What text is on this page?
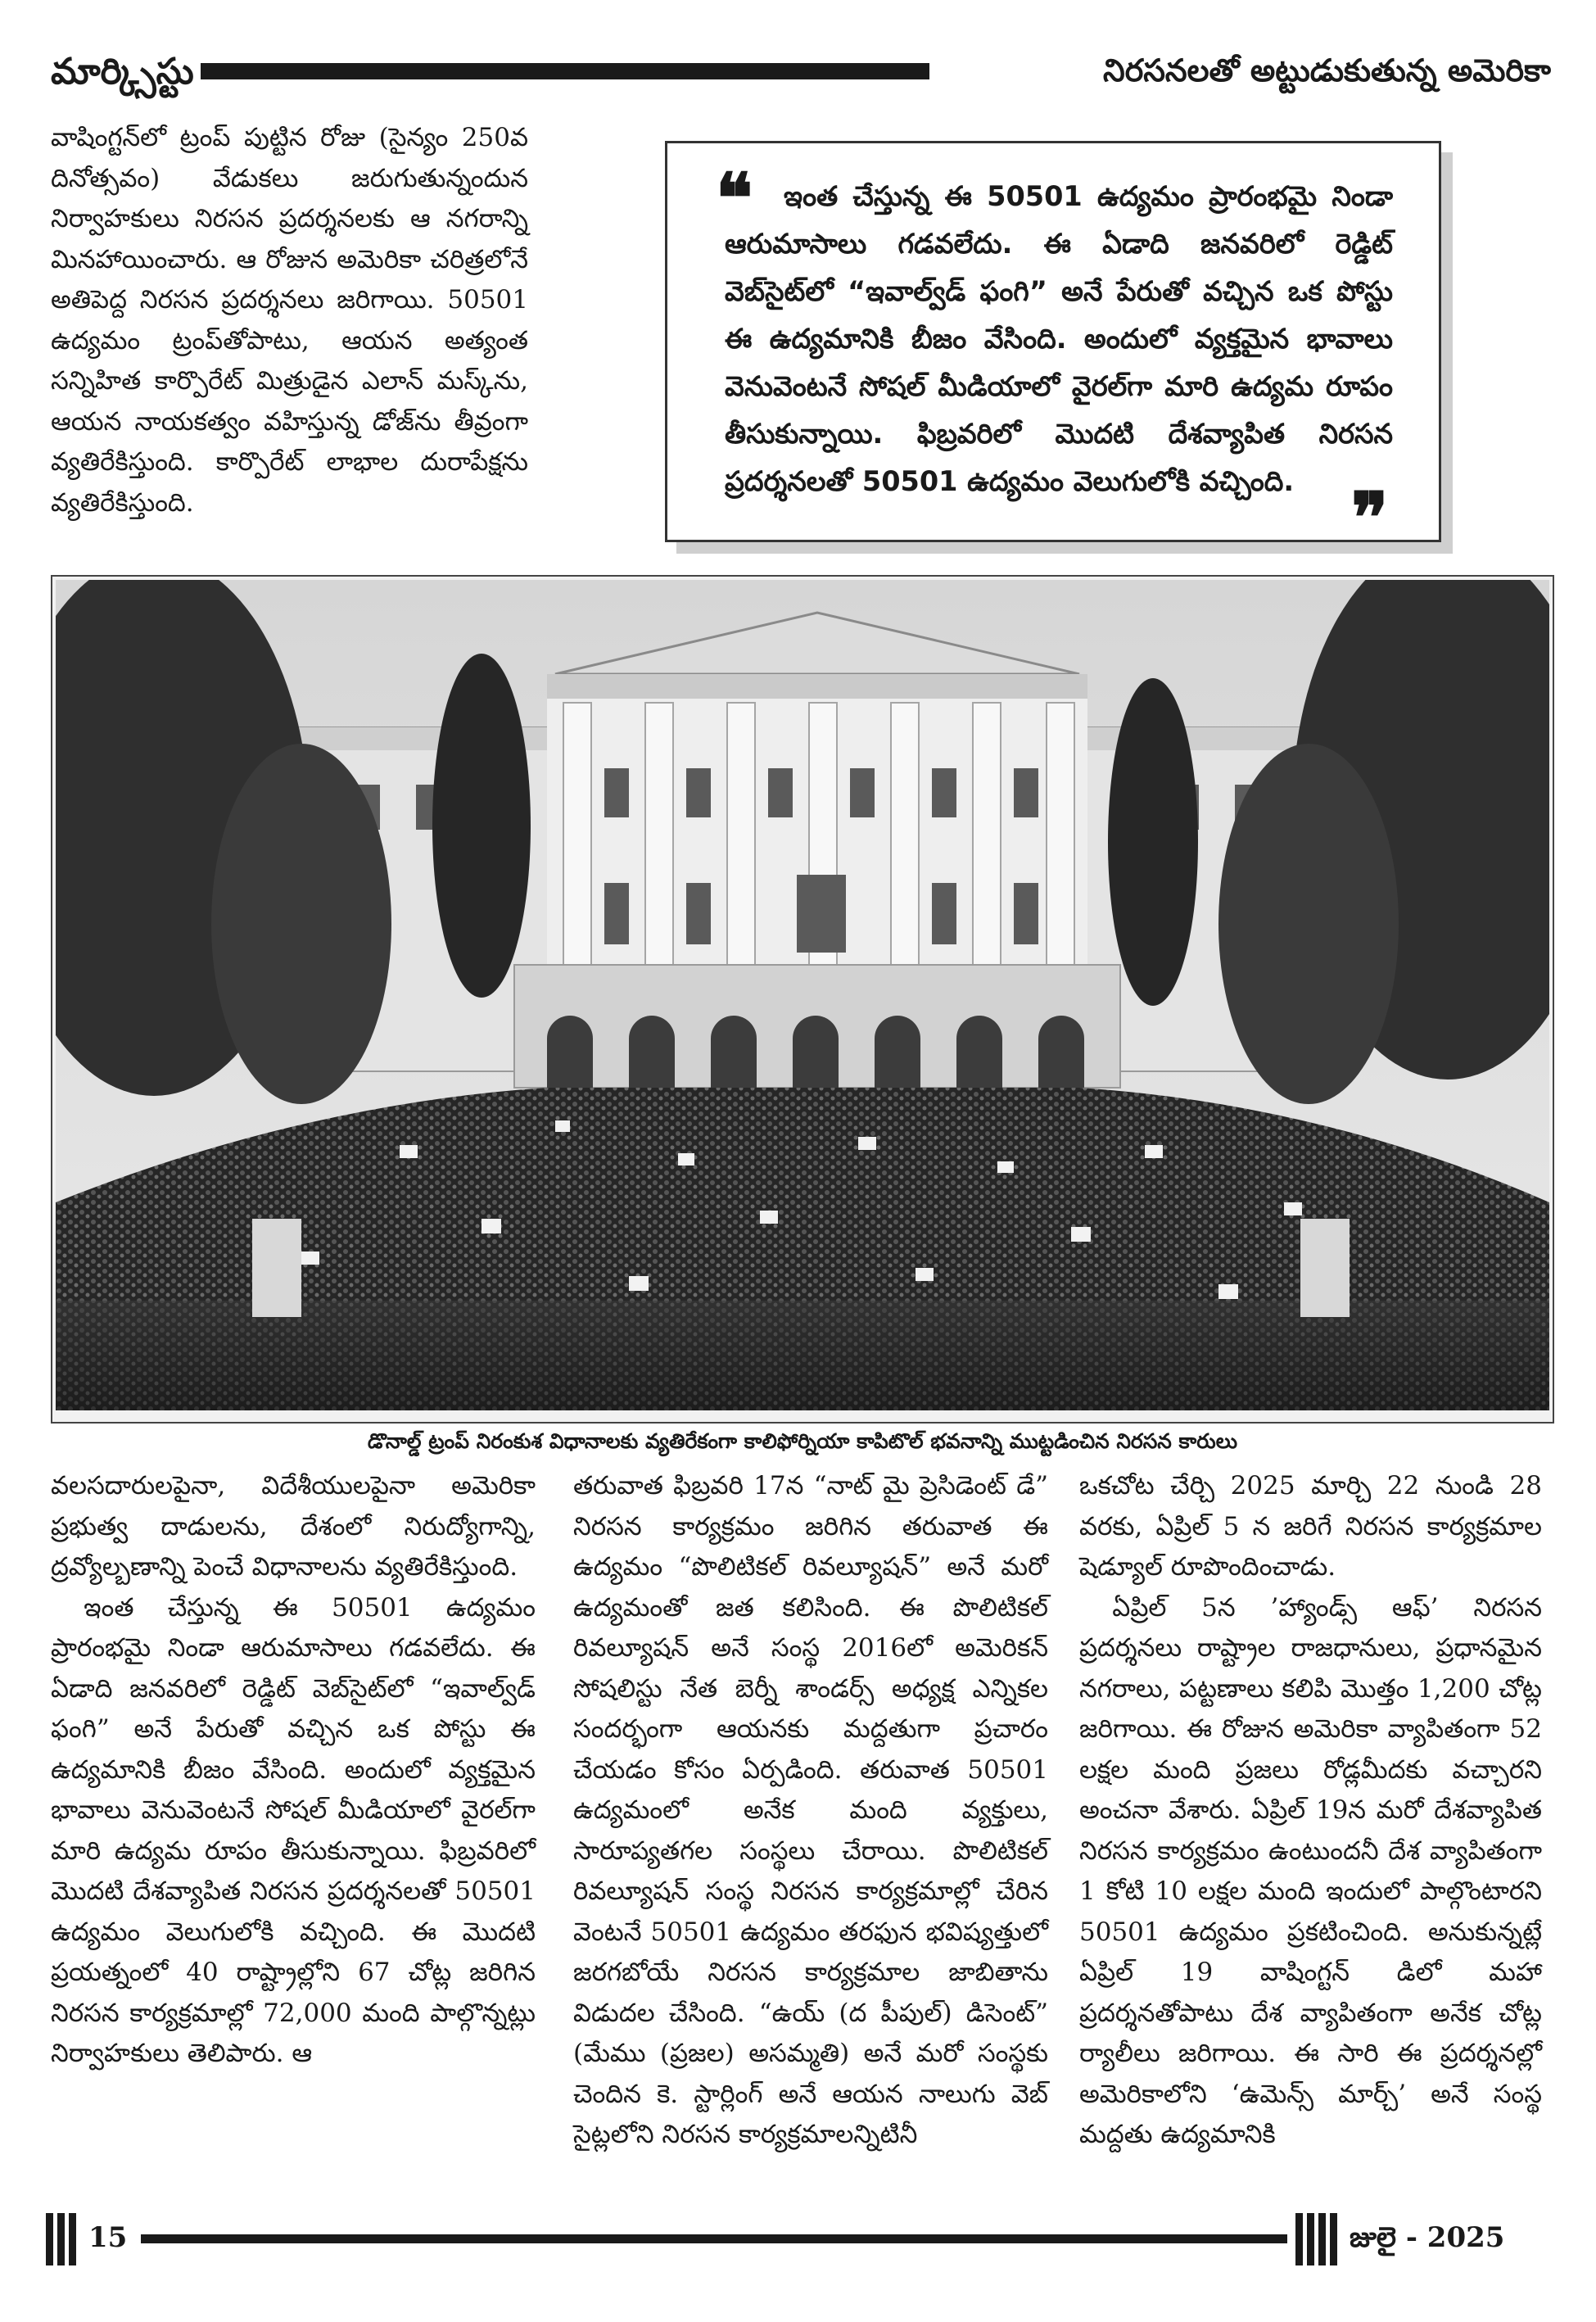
మార్క్సిస్టు	నిరసనలతో అట్టుడుకుతున్న అమెరికా

వాషింగ్టన్‌లో ట్రంప్ పుట్టిన రోజు (సైన్యం 250వ దినోత్సవం) వేడుకలు జరుగుతున్నందున నిర్వాహకులు నిరసన ప్రదర్శనలకు ఆ నగరాన్ని మినహాయించారు. ఆ రోజున అమెరికా చరిత్రలోనే అతిపెద్ద నిరసన ప్రదర్శనలు జరిగాయి. 50501 ఉద్యమం ట్రంప్‌తోపాటు, ఆయన అత్యంత సన్నిహిత కార్పొరేట్ మిత్రుడైన ఎలాన్ మస్క్‌ను, ఆయన నాయకత్వం వహిస్తున్న డోజ్‌ను తీవ్రంగా వ్యతిరేకిస్తుంది. కార్పొరేట్ లాభాల దురాపేక్షను వ్యతిరేకిస్తుంది.

ఇంత చేస్తున్న ఈ 50501 ఉద్యమం ప్రారంభమై నిండా ఆరుమాసాలు గడవలేదు. ఈ ఏడాది జనవరిలో రెడ్డిట్ వెబ్‌సైట్‌లో “ఇవాల్వ్‌డ్ ఫంగి” అనే పేరుతో వచ్చిన ఒక పోస్టు ఈ ఉద్యమానికి బీజం వేసింది. అందులో వ్యక్తమైన భావాలు వెనువెంటనే సోషల్ మీడియాలో వైరల్‌గా మారి ఉద్యమ రూపం తీసుకున్నాయి. ఫిబ్రవరిలో మొదటి దేశవ్యాపిత నిరసన ప్రదర్శనలతో 50501 ఉద్యమం వెలుగులోకి వచ్చింది.
❝
❞
డొనాల్డ్ ట్రంప్ నిరంకుశ విధానాలకు వ్యతిరేకంగా కాలిఫోర్నియా కాపిటొల్ భవనాన్ని ముట్టడించిన నిరసన కారులు

వలసదారులపైనా, విదేశీయులపైనా అమెరికా ప్రభుత్వ దాడులను, దేశంలో నిరుద్యోగాన్ని, ద్రవ్యోల్బణాన్ని పెంచే విధానాలను వ్యతిరేకిస్తుంది.

ఇంత చేస్తున్న ఈ 50501 ఉద్యమం ప్రారంభమై నిండా ఆరుమాసాలు గడవలేదు. ఈ ఏడాది జనవరిలో రెడ్డిట్ వెబ్‌సైట్‌లో “ఇవాల్వ్‌డ్ ఫంగి” అనే పేరుతో వచ్చిన ఒక పోస్టు ఈ ఉద్యమానికి బీజం వేసింది. అందులో వ్యక్తమైన భావాలు వెనువెంటనే సోషల్ మీడియాలో వైరల్‌గా మారి ఉద్యమ రూపం తీసుకున్నాయి. ఫిబ్రవరిలో మొదటి దేశవ్యాపిత నిరసన ప్రదర్శనలతో 50501 ఉద్యమం వెలుగులోకి వచ్చింది. ఈ మొదటి ప్రయత్నంలో 40 రాష్ట్రాల్లోని 67 చోట్ల జరిగిన నిరసన కార్యక్రమాల్లో 72,000 మంది పాల్గొన్నట్లు నిర్వాహకులు తెలిపారు. ఆ

తరువాత ఫిబ్రవరి 17న “నాట్ మై ప్రెసిడెంట్ డే” నిరసన కార్యక్రమం జరిగిన తరువాత ఈ ఉద్యమం “పొలిటికల్ రివల్యూషన్” అనే మరో ఉద్యమంతో జత కలిసింది. ఈ పొలిటికల్ రివల్యూషన్ అనే సంస్థ 2016లో అమెరికన్ సోషలిస్టు నేత బెర్నీ శాండర్స్ అధ్యక్ష ఎన్నికల సందర్భంగా ఆయనకు మద్దతుగా ప్రచారం చేయడం కోసం ఏర్పడింది. తరువాత 50501 ఉద్యమంలో అనేక మంది వ్యక్తులు, సారూప్యతగల సంస్థలు చేరాయి. పొలిటికల్ రివల్యూషన్ సంస్థ నిరసన కార్యక్రమాల్లో చేరిన వెంటనే 50501 ఉద్యమం తరఫున భవిష్యత్తులో జరగబోయే నిరసన కార్యక్రమాల జాబితాను విడుదల చేసింది. “ఉయ్ (ద పీపుల్) డిసెంట్” (మేము (ప్రజల) అసమ్మతి) అనే మరో సంస్థకు చెందిన కె. స్టార్లింగ్ అనే ఆయన నాలుగు వెబ్ సైట్లలోని నిరసన కార్యక్రమాలన్నిటినీ

ఒకచోట చేర్చి 2025 మార్చి 22 నుండి 28 వరకు, ఏప్రిల్ 5 న జరిగే నిరసన కార్యక్రమాల షెడ్యూల్ రూపొందించాడు.

ఏప్రిల్ 5న ’హ్యాండ్స్ ఆఫ్’ నిరసన ప్రదర్శనలు రాష్ట్రాల రాజధానులు, ప్రధానమైన నగరాలు, పట్టణాలు కలిపి మొత్తం 1,200 చోట్ల జరిగాయి. ఈ రోజున అమెరికా వ్యాపితంగా 52 లక్షల మంది ప్రజలు రోడ్లమీదకు వచ్చారని అంచనా వేశారు. ఏప్రిల్ 19న మరో దేశవ్యాపిత నిరసన కార్యక్రమం ఉంటుందనీ దేశ వ్యాపితంగా 1 కోటి 10 లక్షల మంది ఇందులో పాల్గొంటారని 50501 ఉద్యమం ప్రకటించింది. అనుకున్నట్లే ఏప్రిల్ 19 వాషింగ్టన్ డిలో మహా ప్రదర్శనతోపాటు దేశ వ్యాపితంగా అనేక చోట్ల ర్యాలీలు జరిగాయి. ఈ సారి ఈ ప్రదర్శనల్లో అమెరికాలోని ‘ఉమెన్స్ మార్చ్’ అనే సంస్థ మద్దతు ఉద్యమానికి

15	జులై - 2025
